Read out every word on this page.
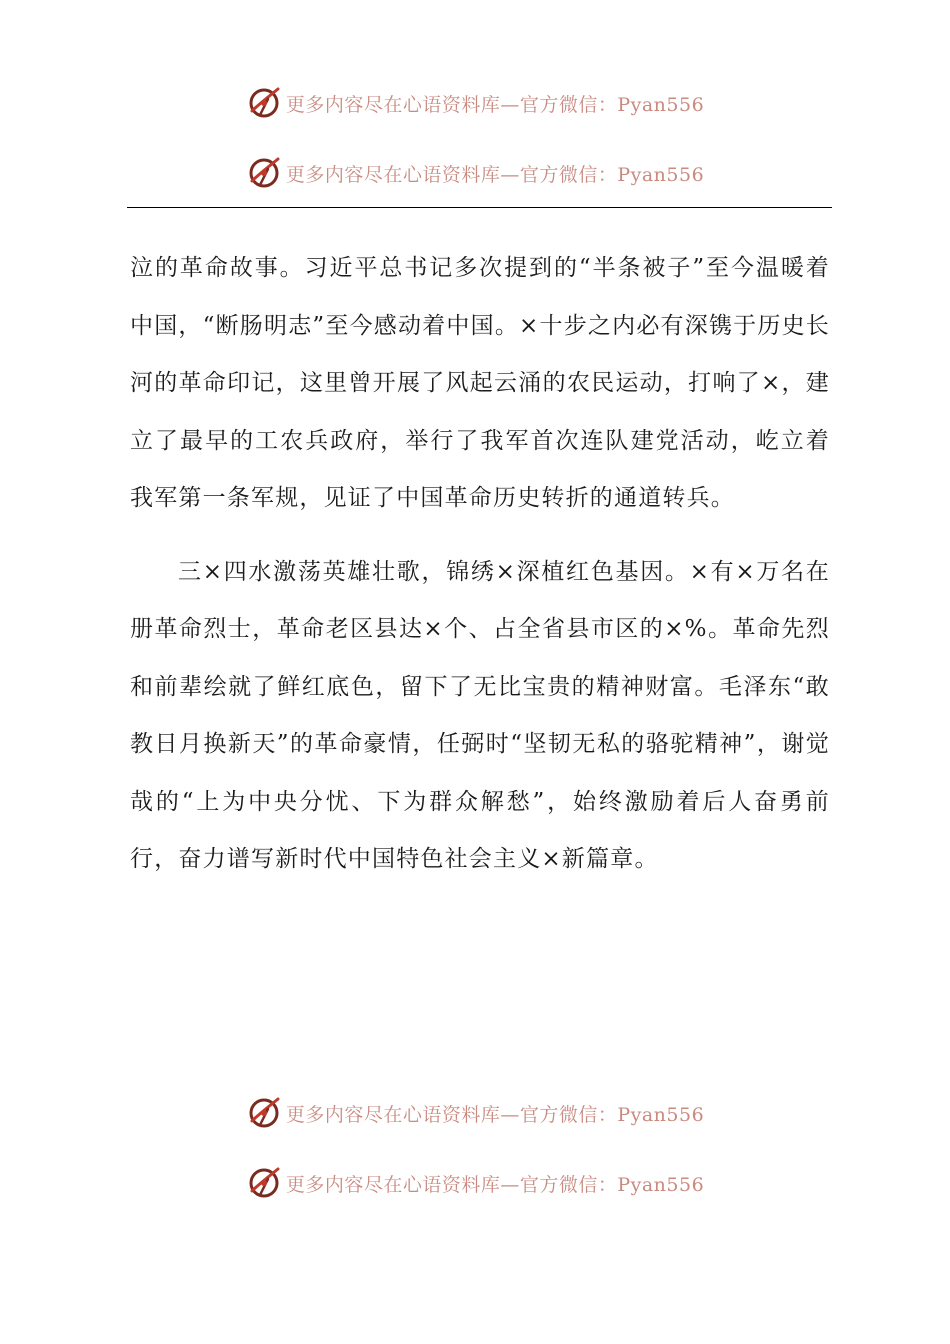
更多内容尽在心语资料库—官方微信：Pyan556
更多内容尽在心语资料库—官方微信：Pyan556

泣的革命故事。习近平总书记多次提到的“半条被子”至今温暖着中国，“断肠明志”至今感动着中国。×十步之内必有深镌于历史长河的革命印记，这里曾开展了风起云涌的农民运动，打响了×，建立了最早的工农兵政府，举行了我军首次连队建党活动，屹立着我军第一条军规，见证了中国革命历史转折的通道转兵。

三×四水激荡英雄壮歌，锦绣×深植红色基因。×有×万名在册革命烈士，革命老区县达×个、占全省县市区的×%。革命先烈和前辈绘就了鲜红底色，留下了无比宝贵的精神财富。毛泽东“敢教日月换新天”的革命豪情，任弼时“坚韧无私的骆驼精神”，谢觉哉的“上为中央分忧、下为群众解愁”，始终激励着后人奋勇前行，奋力谱写新时代中国特色社会主义×新篇章。

更多内容尽在心语资料库—官方微信：Pyan556
更多内容尽在心语资料库—官方微信：Pyan556
